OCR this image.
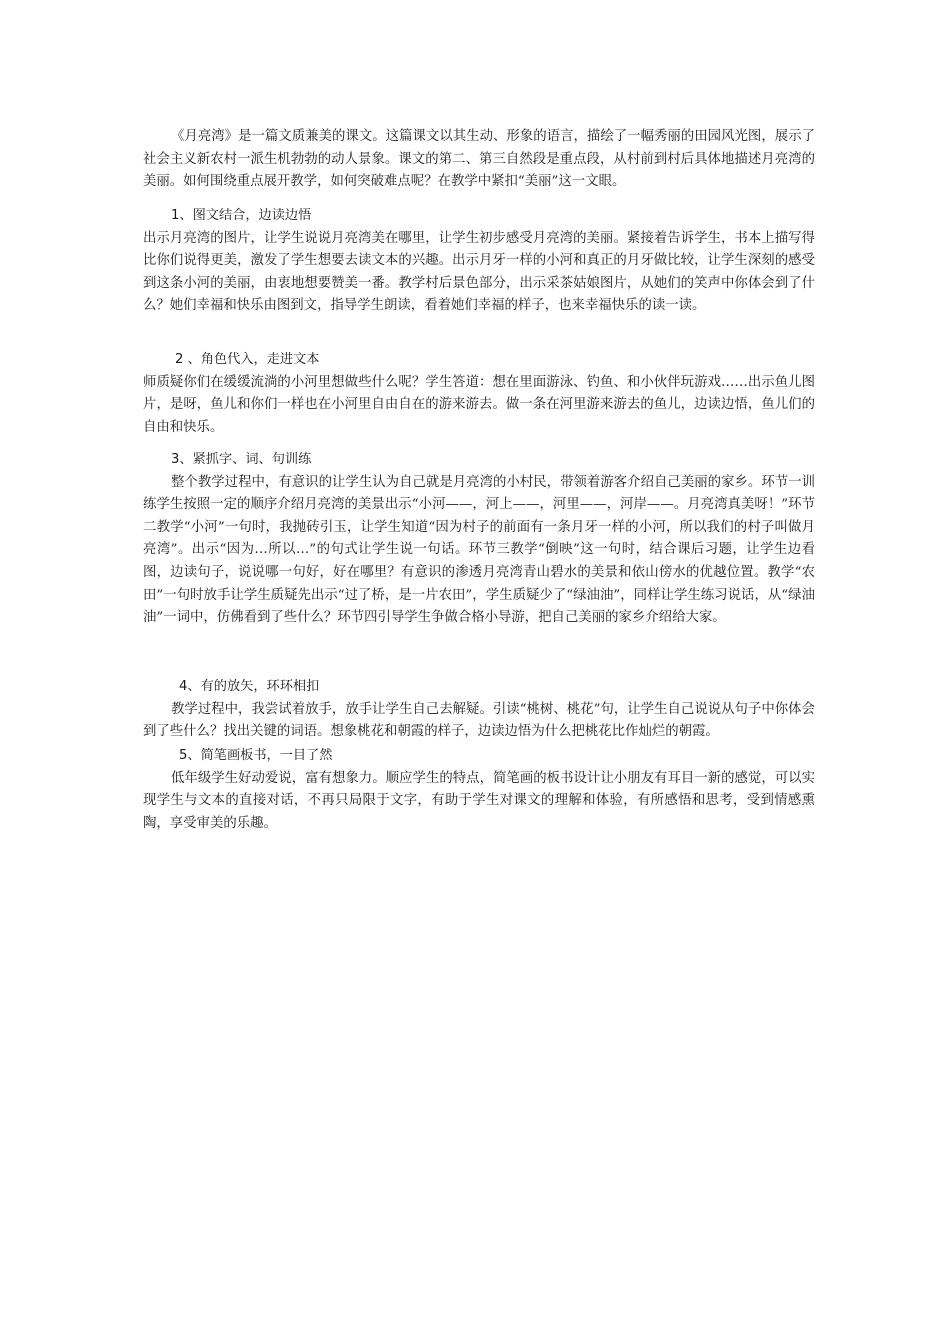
《月亮湾》是一篇文质兼美的课文。这篇课文以其生动、形象的语言，描绘了一幅秀丽的田园风光图，展示了社会主义新农村一派生机勃勃的动人景象。课文的第二、第三自然段是重点段，从村前到村后具体地描述月亮湾的美丽。如何围绕重点展开教学，如何突破难点呢？在教学中紧扣“美丽”这一文眼。

1、图文结合，边读边悟

出示月亮湾的图片，让学生说说月亮湾美在哪里，让学生初步感受月亮湾的美丽。紧接着告诉学生，书本上描写得比你们说得更美，激发了学生想要去读文本的兴趣。出示月牙一样的小河和真正的月牙做比较，让学生深刻的感受到这条小河的美丽，由衷地想要赞美一番。教学村后景色部分，出示采茶姑娘图片，从她们的笑声中你体会到了什么？她们幸福和快乐由图到文，指导学生朗读，看着她们幸福的样子，也来幸福快乐的读一读。

2 、角色代入，走进文本

师质疑你们在缓缓流淌的小河里想做些什么呢？学生答道：想在里面游泳、钓鱼、和小伙伴玩游戏……出示鱼儿图片，是呀，鱼儿和你们一样也在小河里自由自在的游来游去。做一条在河里游来游去的鱼儿，边读边悟，鱼儿们的自由和快乐。

3、紧抓字、词、句训练

整个教学过程中，有意识的让学生认为自己就是月亮湾的小村民，带领着游客介绍自己美丽的家乡。环节一训练学生按照一定的顺序介绍月亮湾的美景出示“小河——，河上——，河里——，河岸——。月亮湾真美呀！”环节二教学“小河”一句时，我抛砖引玉，让学生知道“因为村子的前面有一条月牙一样的小河，所以我们的村子叫做月亮湾”。出示“因为…所以…”的句式让学生说一句话。环节三教学“倒映”这一句时，结合课后习题，让学生边看图，边读句子，说说哪一句好，好在哪里？有意识的渗透月亮湾青山碧水的美景和依山傍水的优越位置。教学“农田”一句时放手让学生质疑先出示“过了桥，是一片农田”，学生质疑少了“绿油油”，同样让学生练习说话，从“绿油油”一词中，仿佛看到了些什么？环节四引导学生争做合格小导游，把自己美丽的家乡介绍给大家。

4、有的放矢，环环相扣

教学过程中，我尝试着放手，放手让学生自己去解疑。引读“桃树、桃花”句，让学生自己说说从句子中你体会到了些什么？找出关键的词语。想象桃花和朝霞的样子，边读边悟为什么把桃花比作灿烂的朝霞。

5、简笔画板书，一目了然

低年级学生好动爱说，富有想象力。顺应学生的特点，简笔画的板书设计让小朋友有耳目一新的感觉，可以实现学生与文本的直接对话，不再只局限于文字，有助于学生对课文的理解和体验，有所感悟和思考，受到情感熏陶，享受审美的乐趣。
